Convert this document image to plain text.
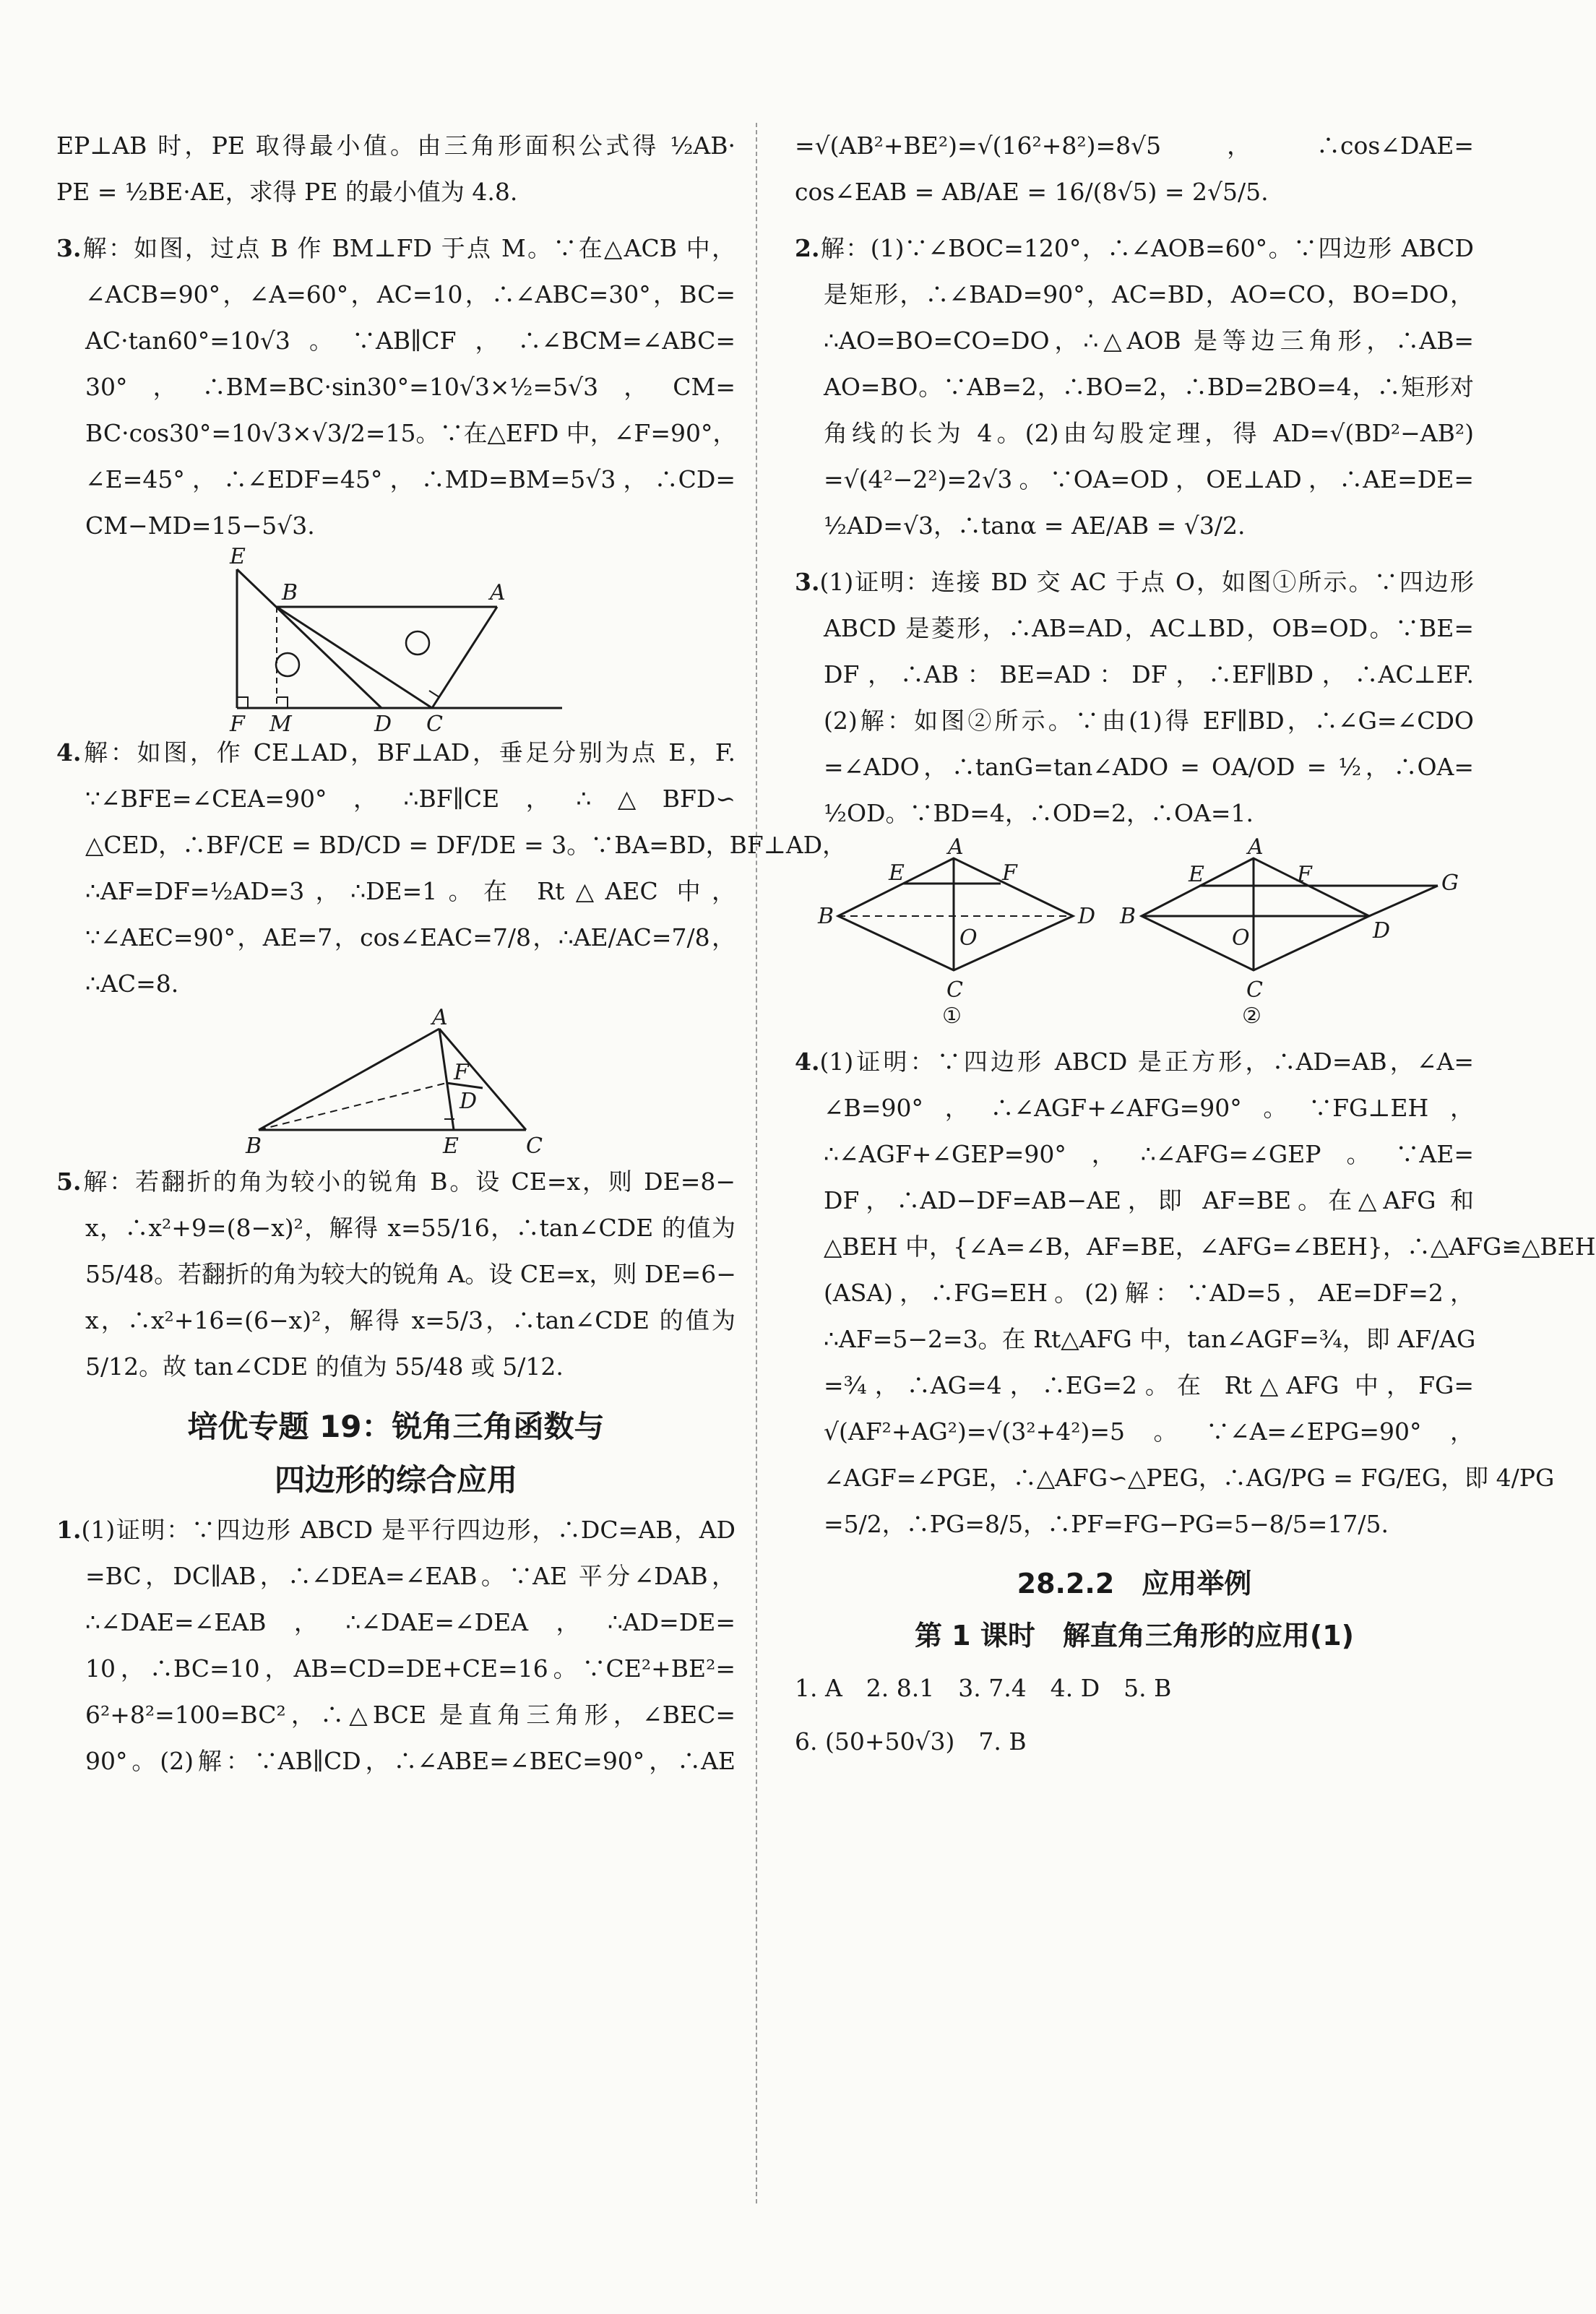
EP⊥AB 时，PE 取得最小值。由三角形面积公式得 ½AB·
PE = ½BE·AE，求得 PE 的最小值为 4.8.
3.解：如图，过点 B 作 BM⊥FD 于点 M。∵在△ACB 中，
∠ACB=90°，∠A=60°，AC=10，∴∠ABC=30°，BC=
AC·tan60°=10√3。∵AB∥CF，∴∠BCM=∠ABC=
30°，∴BM=BC·sin30°=10√3×½=5√3，CM=
BC·cos30°=10√3×√3/2=15。∵在△EFD 中，∠F=90°，
∠E=45°，∴∠EDF=45°，∴MD=BM=5√3，∴CD=
CM−MD=15−5√3.
E
B	A
F M	D C
4.解：如图，作 CE⊥AD，BF⊥AD，垂足分别为点 E，F.
∵∠BFE=∠CEA=90°，∴BF∥CE，∴△BFD∽
△CED，∴BF/CE = BD/CD = DF/DE = 3。∵BA=BD，BF⊥AD，
∴AF=DF=½AD=3，∴DE=1。在 Rt△AEC 中，
∵∠AEC=90°，AE=7，cos∠EAC=7/8，∴AE/AC=7/8，
∴AC=8.
A
F
D
B	E	C
5.解：若翻折的角为较小的锐角 B。设 CE=x，则 DE=8−
x，∴x²+9=(8−x)²，解得 x=55/16，∴tan∠CDE 的值为
55/48。若翻折的角为较大的锐角 A。设 CE=x，则 DE=6−
x，∴x²+16=(6−x)²，解得 x=5/3，∴tan∠CDE 的值为
5/12。故 tan∠CDE 的值为 55/48 或 5/12.
培优专题 19：锐角三角函数与
四边形的综合应用
1.(1)证明：∵四边形 ABCD 是平行四边形，∴DC=AB，AD
=BC，DC∥AB，∴∠DEA=∠EAB。∵AE 平分∠DAB，
∴∠DAE=∠EAB，∴∠DAE=∠DEA，∴AD=DE=
10，∴BC=10，AB=CD=DE+CE=16。∵CE²+BE²=
6²+8²=100=BC²，∴△BCE 是直角三角形，∠BEC=
90°。(2)解：∵AB∥CD，∴∠ABE=∠BEC=90°，∴AE
=√(AB²+BE²)=√(16²+8²)=8√5，∴cos∠DAE=
cos∠EAB = AB/AE = 16/(8√5) = 2√5/5.
2.解：(1)∵∠BOC=120°，∴∠AOB=60°。∵四边形 ABCD
是矩形，∴∠BAD=90°，AC=BD，AO=CO，BO=DO，
∴AO=BO=CO=DO，∴△AOB 是等边三角形，∴AB=
AO=BO。∵AB=2，∴BO=2，∴BD=2BO=4，∴矩形对
角线的长为 4。(2)由勾股定理，得 AD=√(BD²−AB²)
=√(4²−2²)=2√3。∵OA=OD，OE⊥AD，∴AE=DE=
½AD=√3，∴tanα = AE/AB = √3/2.
3.(1)证明：连接 BD 交 AC 于点 O，如图①所示。∵四边形
ABCD 是菱形，∴AB=AD，AC⊥BD，OB=OD。∵BE=
DF，∴AB：BE=AD：DF，∴EF∥BD，∴AC⊥EF.
(2)解：如图②所示。∵由(1)得 EF∥BD，∴∠G=∠CDO
=∠ADO，∴tanG=tan∠ADO = OA/OD = ½，∴OA=
½OD。∵BD=4，∴OD=2，∴OA=1.
A
E	F
B
O
D
C
①
A
E	F	G
B
O	D
C
②
4.(1)证明：∵四边形 ABCD 是正方形，∴AD=AB，∠A=
∠B=90°，∴∠AGF+∠AFG=90°。∵FG⊥EH，
∴∠AGF+∠GEP=90°，∴∠AFG=∠GEP。∵AE=
DF，∴AD−DF=AB−AE，即 AF=BE。在△AFG 和
△BEH 中，{∠A=∠B，AF=BE，∠AFG=∠BEH}，∴△AFG≌△BEH
(ASA)，∴FG=EH。(2)解：∵AD=5，AE=DF=2，
∴AF=5−2=3。在 Rt△AFG 中，tan∠AGF=¾，即 AF/AG
=¾，∴AG=4，∴EG=2。在 Rt△AFG 中，FG=
√(AF²+AG²)=√(3²+4²)=5。∵∠A=∠EPG=90°，
∠AGF=∠PGE，∴△AFG∽△PEG，∴AG/PG = FG/EG，即 4/PG
=5/2，∴PG=8/5，∴PF=FG−PG=5−8/5=17/5.
28.2.2　应用举例
第 1 课时　解直角三角形的应用(1)
1. A　2. 8.1　3. 7.4　4. D　5. B
6. (50+50√3)　7. B
